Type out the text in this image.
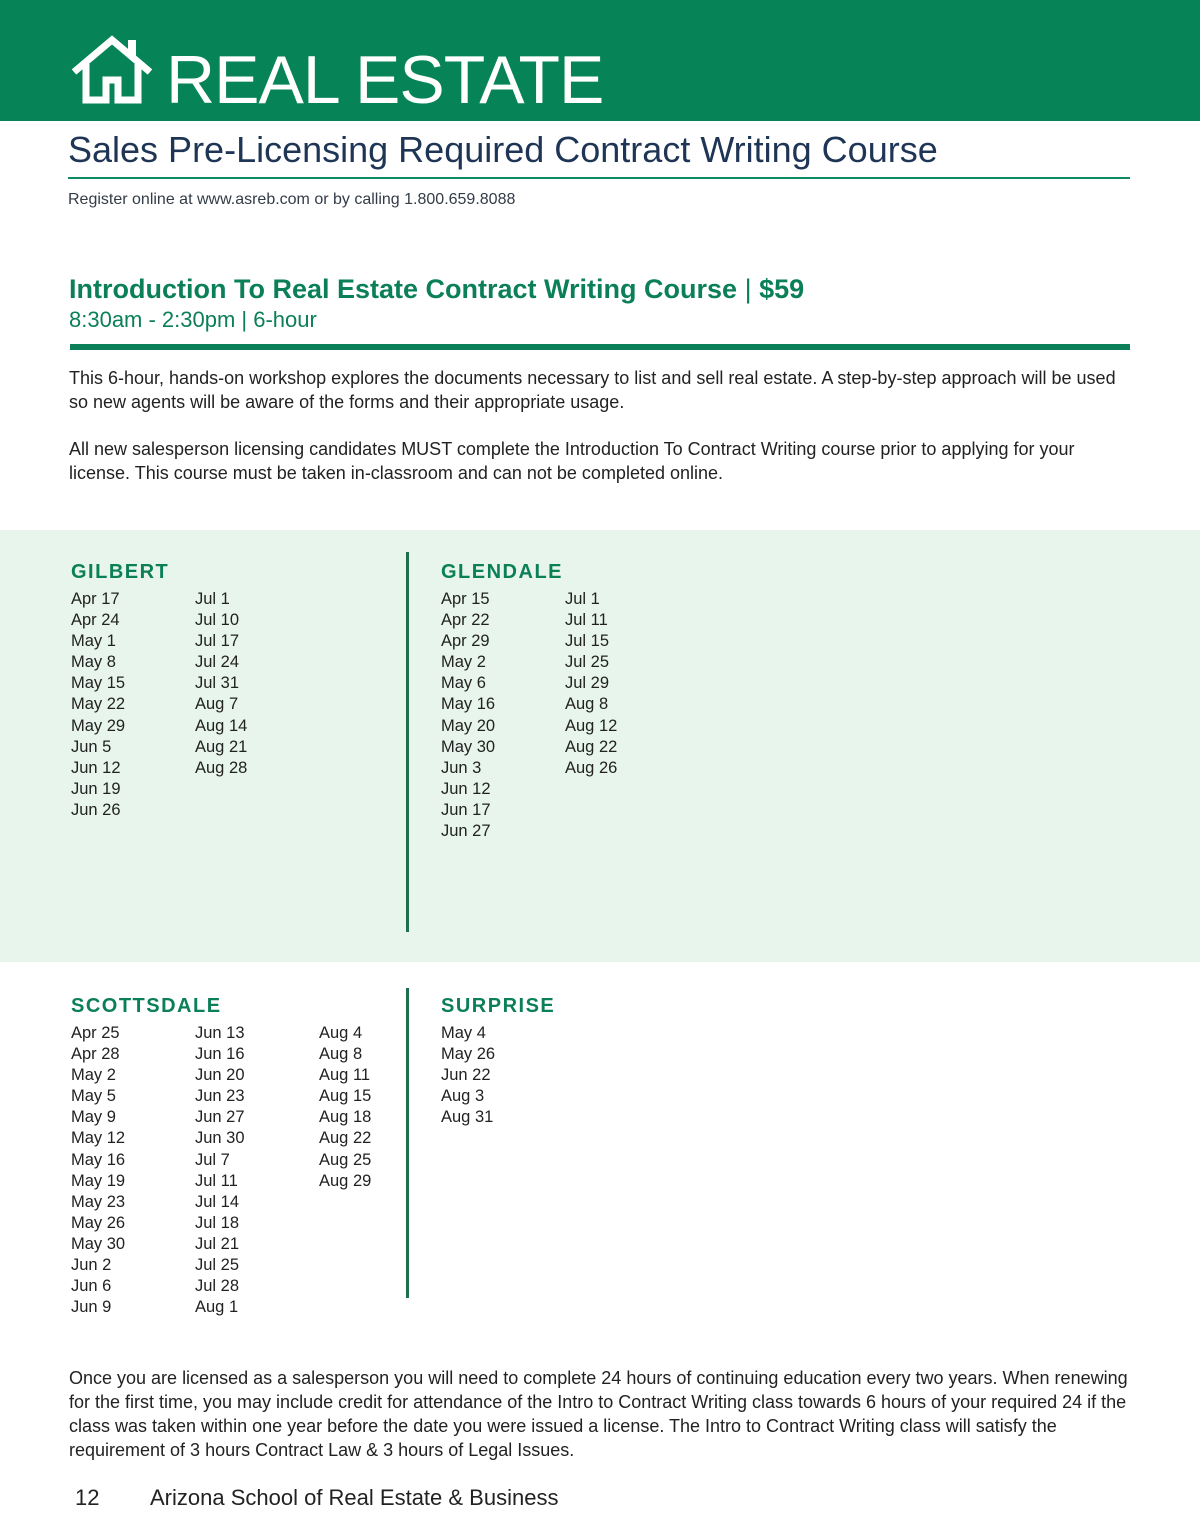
REAL ESTATE
Sales Pre-Licensing Required Contract Writing Course
Register online at www.asreb.com or by calling 1.800.659.8088
Introduction To Real Estate Contract Writing Course | $59
8:30am - 2:30pm | 6-hour

This 6-hour, hands-on workshop explores the documents necessary to list and sell real estate. A step-by-step approach will be used so new agents will be aware of the forms and their appropriate usage.

All new salesperson licensing candidates MUST complete the Introduction To Contract Writing course prior to applying for your license. This course must be taken in-classroom and can not be completed online.

GILBERT
Apr 17
Apr 24
May 1
May 8
May 15
May 22
May 29
Jun 5
Jun 12
Jun 19
Jun 26
Jul 1
Jul 10
Jul 17
Jul 24
Jul 31
Aug 7
Aug 14
Aug 21
Aug 28
GLENDALE
Apr 15
Apr 22
Apr 29
May 2
May 6
May 16
May 20
May 30
Jun 3
Jun 12
Jun 17
Jun 27
Jul 1
Jul 11
Jul 15
Jul 25
Jul 29
Aug 8
Aug 12
Aug 22
Aug 26
SCOTTSDALE
Apr 25
Apr 28
May 2
May 5
May 9
May 12
May 16
May 19
May 23
May 26
May 30
Jun 2
Jun 6
Jun 9
Jun 13
Jun 16
Jun 20
Jun 23
Jun 27
Jun 30
Jul 7
Jul 11
Jul 14
Jul 18
Jul 21
Jul 25
Jul 28
Aug 1
Aug 4
Aug 8
Aug 11
Aug 15
Aug 18
Aug 22
Aug 25
Aug 29
SURPRISE
May 4
May 26
Jun 22
Aug 3
Aug 31

Once you are licensed as a salesperson you will need to complete 24 hours of continuing education every two years. When renewing for the first time, you may include credit for attendance of the Intro to Contract Writing class towards 6 hours of your required 24 if the class was taken within one year before the date you were issued a license. The Intro to Contract Writing class will satisfy the requirement of 3 hours Contract Law & 3 hours of Legal Issues.

12 Arizona School of Real Estate & Business
